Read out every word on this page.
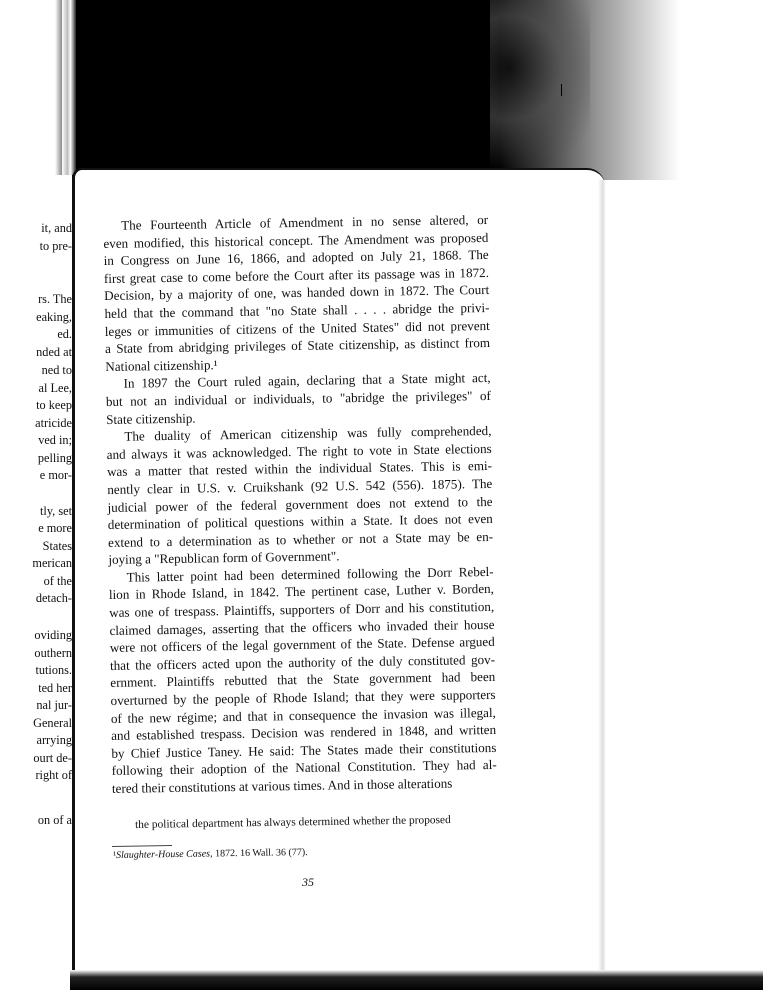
it, and
to pre-
rs. The
eaking,
ed.
nded at
ned to
al Lee,
to keep
atricide
ved in;
pelling
e mor-
tly, set
e more
States
merican
of the
detach-
oviding
outhern
tutions.
ted her
nal jur-
General
arrying
ourt de-
right of
on of a
The Fourteenth Article of Amendment in no sense altered, or
even modified, this historical concept. The Amendment was proposed
in Congress on June 16, 1866, and adopted on July 21, 1868. The
first great case to come before the Court after its passage was in 1872.
Decision, by a majority of one, was handed down in 1872. The Court
held that the command that "no State shall . . . . abridge the privi-
leges or immunities of citizens of the United States" did not prevent
a State from abridging privileges of State citizenship, as distinct from
National citizenship.¹
In 1897 the Court ruled again, declaring that a State might act,
but not an individual or individuals, to "abridge the privileges" of
State citizenship.
The duality of American citizenship was fully comprehended,
and always it was acknowledged. The right to vote in State elections
was a matter that rested within the individual States. This is emi-
nently clear in U.S. v. Cruikshank (92 U.S. 542 (556). 1875). The
judicial power of the federal government does not extend to the
determination of political questions within a State. It does not even
extend to a determination as to whether or not a State may be en-
joying a "Republican form of Government".
This latter point had been determined following the Dorr Rebel-
lion in Rhode Island, in 1842. The pertinent case, Luther v. Borden,
was one of trespass. Plaintiffs, supporters of Dorr and his constitution,
claimed damages, asserting that the officers who invaded their house
were not officers of the legal government of the State. Defense argued
that the officers acted upon the authority of the duly constituted gov-
ernment. Plaintiffs rebutted that the State government had been
overturned by the people of Rhode Island; that they were supporters
of the new régime; and that in consequence the invasion was illegal,
and established trespass. Decision was rendered in 1848, and written
by Chief Justice Taney. He said: The States made their constitutions
following their adoption of the National Constitution. They had al-
tered their constitutions at various times. And in those alterations
the political department has always determined whether the proposed
¹Slaughter-House Cases, 1872. 16 Wall. 36 (77).
35
